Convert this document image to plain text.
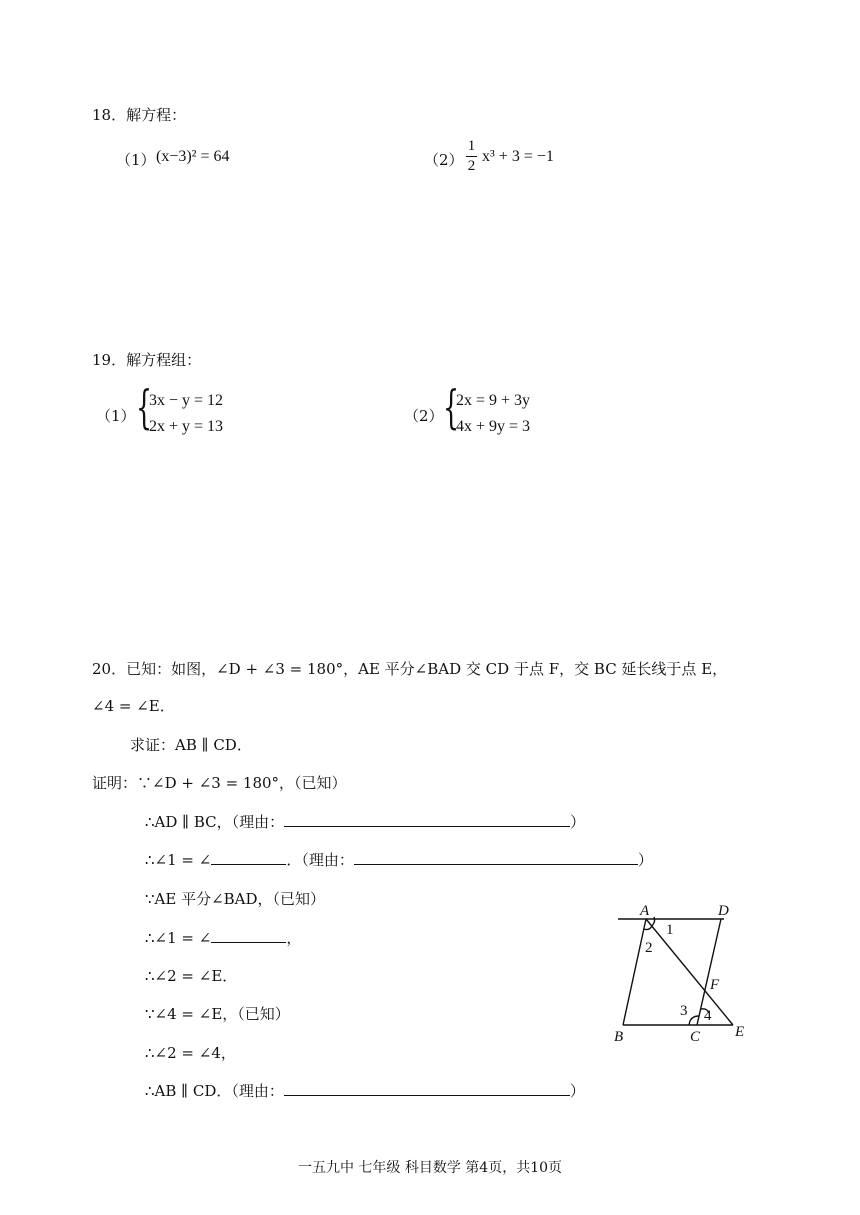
18．解方程：
（1） (x−3)² = 64	（2）
1
2
x³ + 3 = −1
19．解方程组：
（1） {
3x − y = 12
2x + y = 13
（2） {
2x = 9 + 3y
4x + 9y = 3
20．已知：如图，∠D + ∠3 = 180°，AE 平分∠BAD 交 CD 于点 F，交 BC 延长线于点 E，
∠4 = ∠E．
求证：AB ∥ CD．
证明：∵∠D + ∠3 = 180°，（已知）
∴AD ∥ BC，（理由：	）
∴∠1 = ∠	．（理由：	）
∵AE 平分∠BAD，（已知）
∴∠1 = ∠	，
∴∠2 = ∠E．
∵∠4 = ∠E，（已知）
∴∠2 = ∠4，
∴AB ∥ CD．（理由：	）
A	D
1
2
F
3 4
B	C E
一五九中 七年级 科目数学 第4页，共10页
